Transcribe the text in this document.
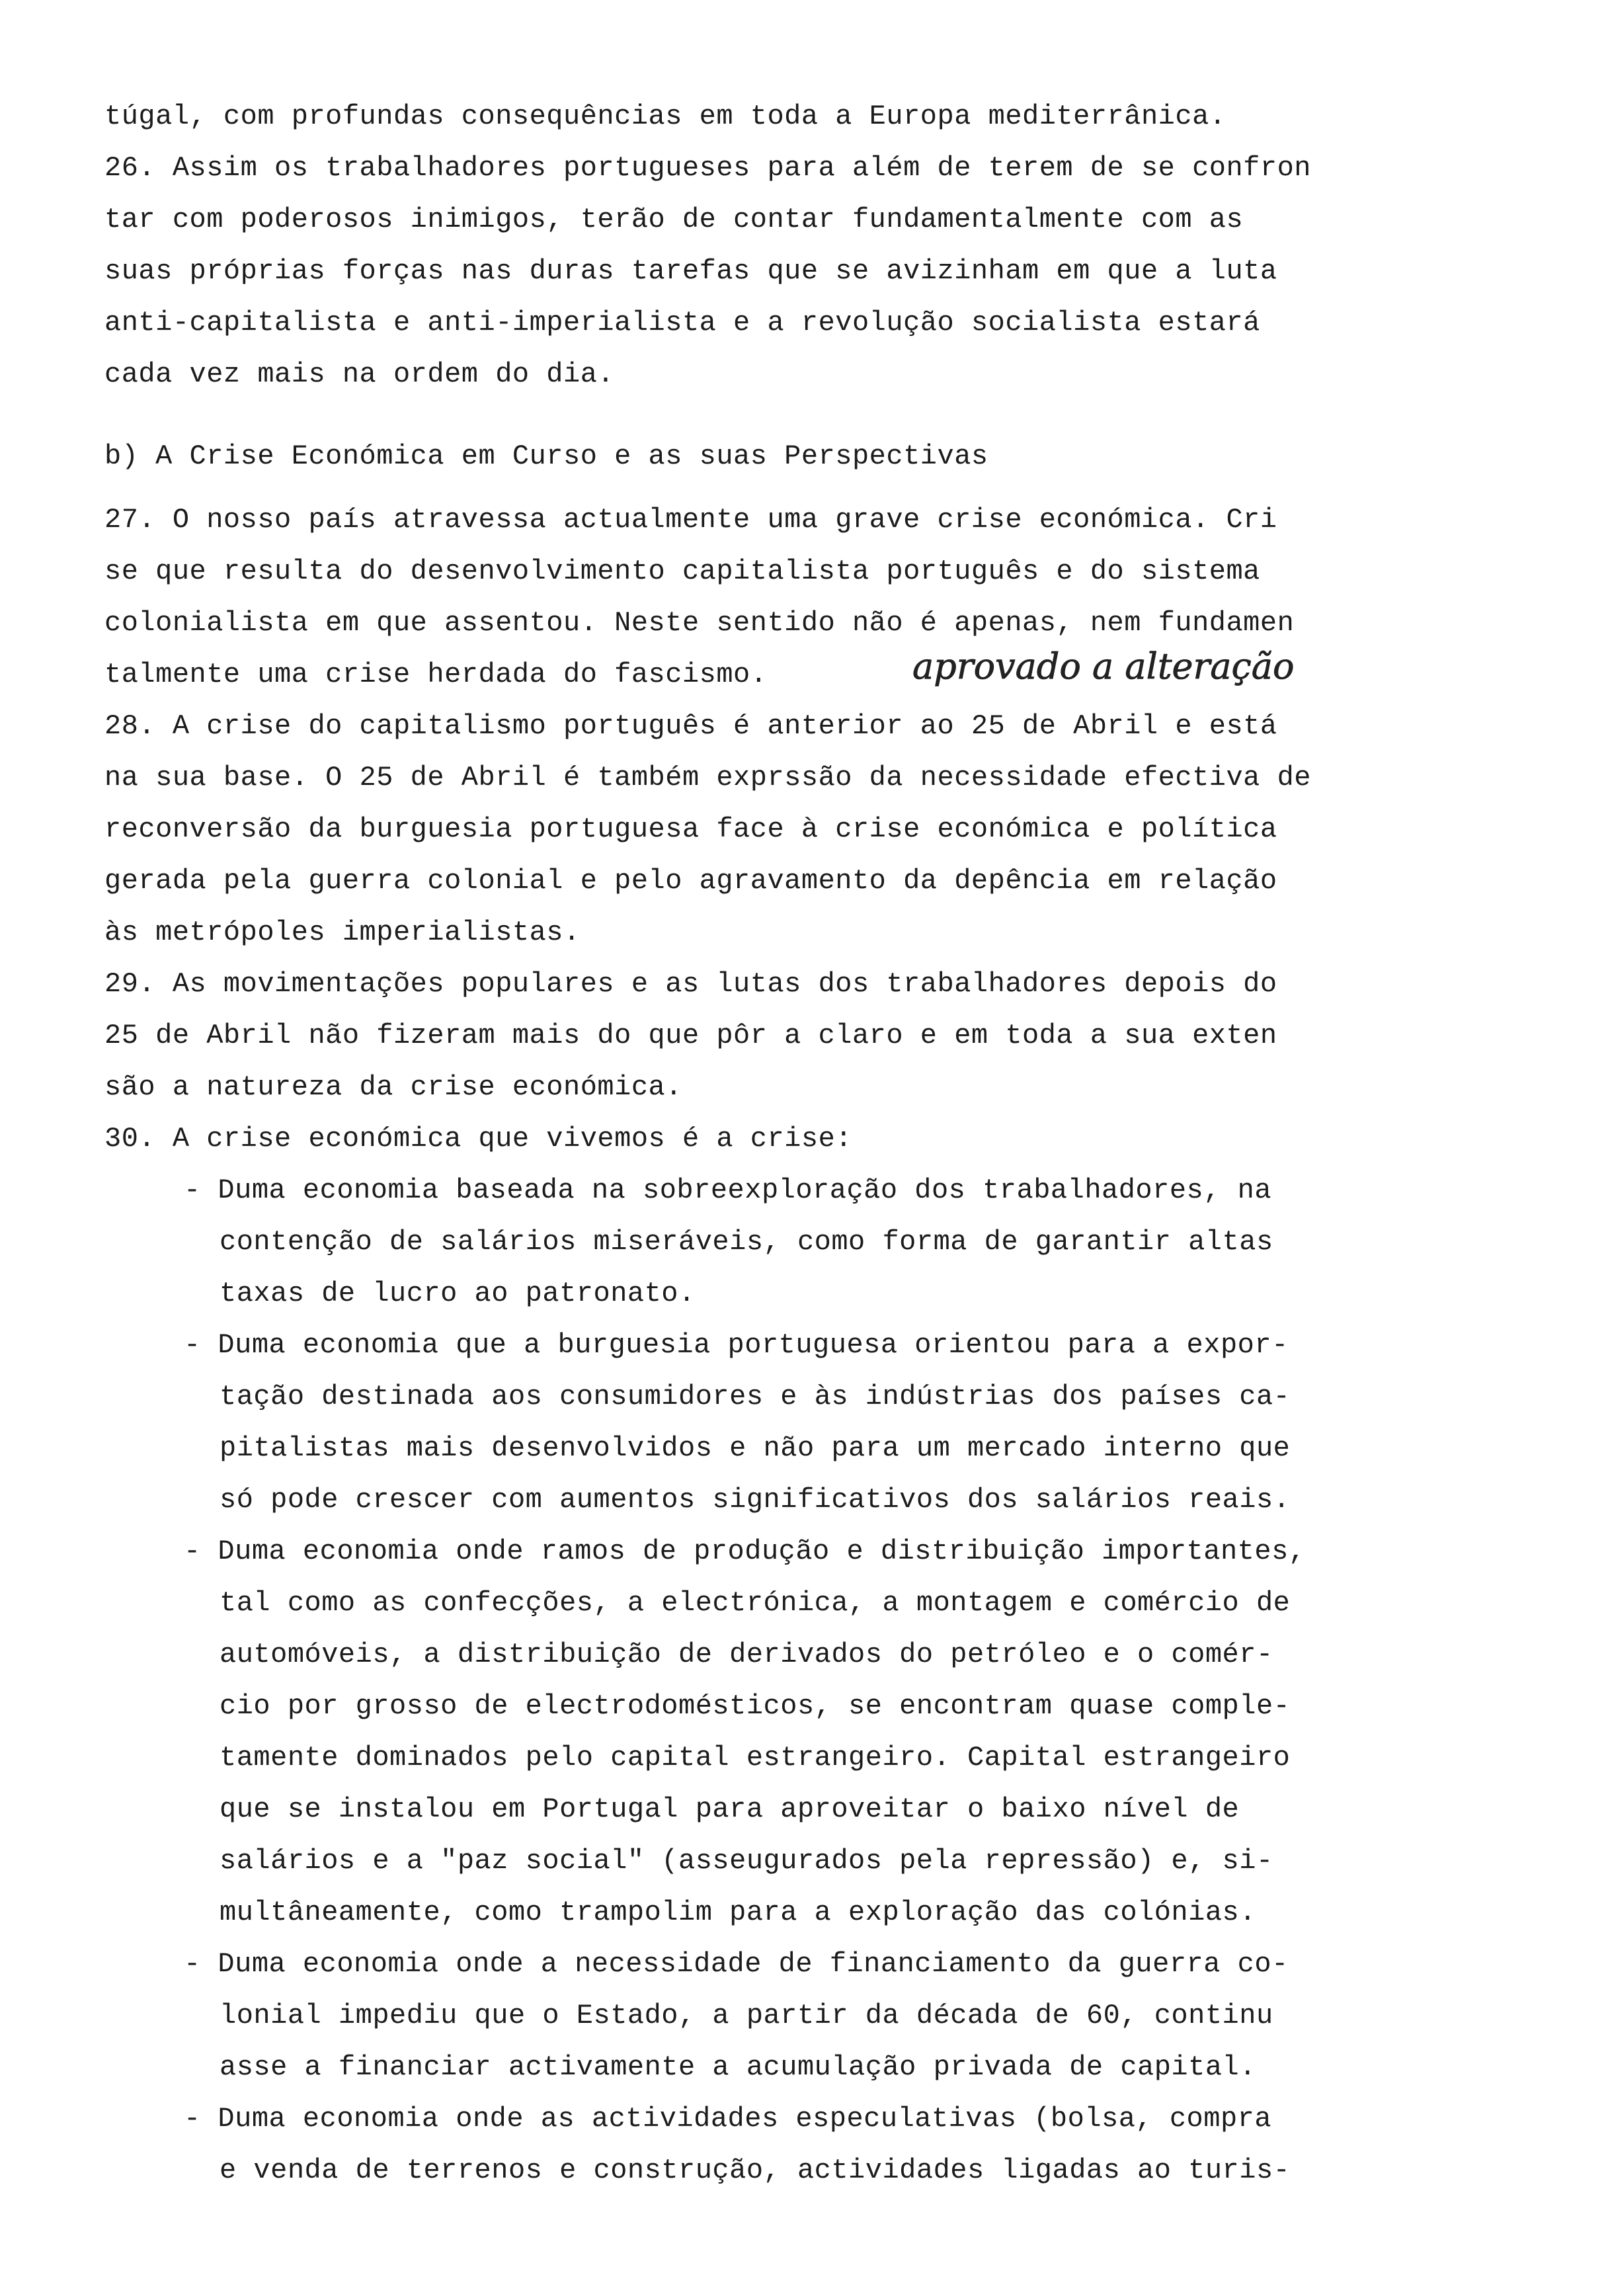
túgal, com profundas consequências em toda a Europa mediterrânica.

26. Assim os trabalhadores portugueses para além de terem de se confron

tar com poderosos inimigos, terão de contar fundamentalmente com as

suas próprias forças nas duras tarefas que se avizinham em que a luta

anti-capitalista e anti-imperialista e a revolução socialista estará

cada vez mais na ordem do dia.

b) A Crise Económica em Curso e as suas Perspectivas

27. O nosso país atravessa actualmente uma grave crise económica. Cri

se que resulta do desenvolvimento capitalista português e do sistema

colonialista em que assentou. Neste sentido não é apenas, nem fundamen

talmente uma crise herdada do fascismo.	aprovado a alteração

28. A crise do capitalismo português é anterior ao 25 de Abril e está

na sua base. O 25 de Abril é também exprssão da necessidade efectiva de

reconversão da burguesia portuguesa face à crise económica e política

gerada pela guerra colonial e pelo agravamento da depência em relação

às metrópoles imperialistas.

29. As movimentações populares e as lutas dos trabalhadores depois do

25 de Abril não fizeram mais do que pôr a claro e em toda a sua exten

são a natureza da crise económica.

30. A crise económica que vivemos é a crise:

- Duma economia baseada na sobreexploração dos trabalhadores, na

contenção de salários miseráveis, como forma de garantir altas

taxas de lucro ao patronato.

- Duma economia que a burguesia portuguesa orientou para a expor-

tação destinada aos consumidores e às indústrias dos países ca-

pitalistas mais desenvolvidos e não para um mercado interno que

só pode crescer com aumentos significativos dos salários reais.

- Duma economia onde ramos de produção e distribuição importantes,

tal como as confecções, a electrónica, a montagem e comércio de

automóveis, a distribuição de derivados do petróleo e o comér-

cio por grosso de electrodomésticos, se encontram quase comple-

tamente dominados pelo capital estrangeiro. Capital estrangeiro

que se instalou em Portugal para aproveitar o baixo nível de

salários e a "paz social" (asseugurados pela repressão) e, si-

multâneamente, como trampolim para a exploração das colónias.

- Duma economia onde a necessidade de financiamento da guerra co-

lonial impediu que o Estado, a partir da década de 60, continu

asse a financiar activamente a acumulação privada de capital.

- Duma economia onde as actividades especulativas (bolsa, compra

e venda de terrenos e construção, actividades ligadas ao turis-
